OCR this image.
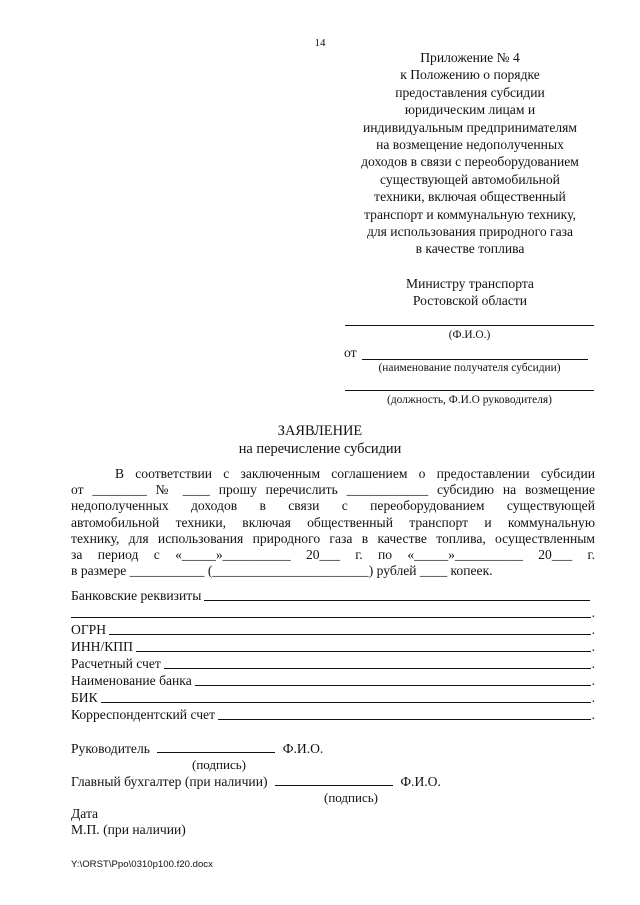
14
Приложение № 4
к Положению о порядке
предоставления субсидии
юридическим лицам и
индивидуальным предпринимателям
на возмещение недополученных
доходов в связи с переоборудованием
существующей автомобильной
техники, включая общественный
транспорт и коммунальную технику,
для использования природного газа
в качестве топлива
Министру транспорта
Ростовской области
(Ф.И.О.)
от
(наименование получателя субсидии)
(должность, Ф.И.О руководителя)
ЗАЯВЛЕНИЕ
на перечисление субсидии

В соответствии с заключенным соглашением о предоставлении субсидии

от ________ № ____ прошу перечислить ____________ субсидию на возмещение
недополученных доходов в связи с переоборудованием существующей
автомобильной техники, включая общественный транспорт и коммунальную
технику, для использования природного газа в качестве топлива, осуществленным
за период с «_____»__________ 20___ г. по «_____»__________ 20___ г.
в размере ___________ (_______________________) рублей ____ копеек.
Банковские реквизиты
.
ОГРН	.
ИНН/КПП	.
Расчетный счет	.
Наименование банка	.
БИК	.
Корреспондентский счет	.
Руководитель	Ф.И.О.
(подпись)
Главный бухгалтер (при наличии)	Ф.И.О.
(подпись)
Дата
М.П. (при наличии)
Y:\ORST\Ppo\0310p100.f20.docx
